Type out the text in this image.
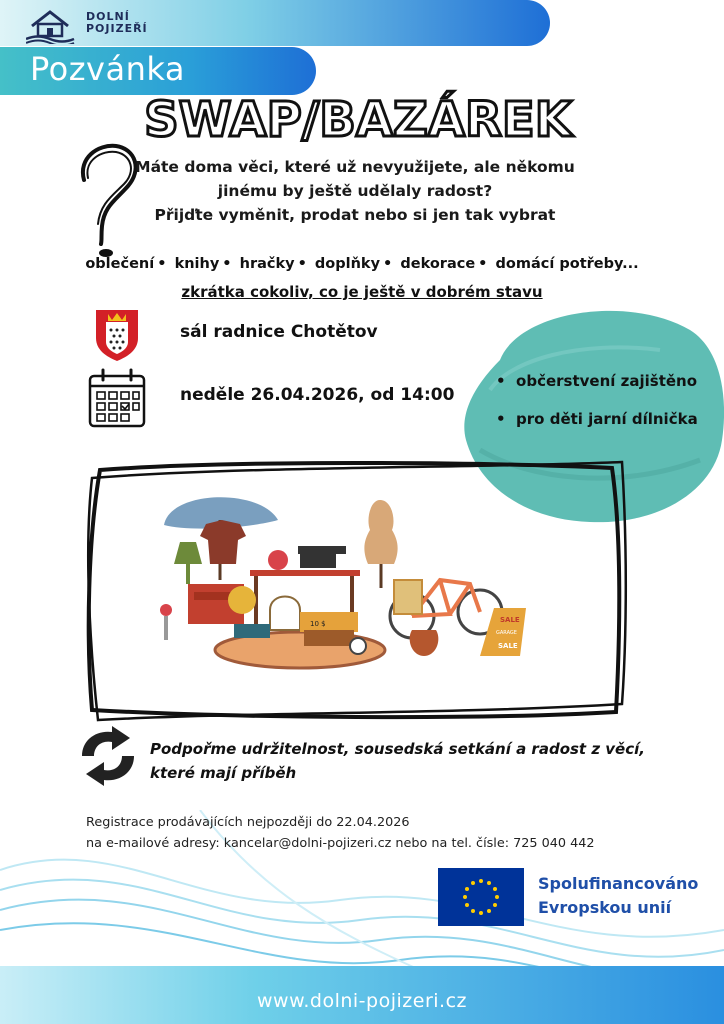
DOLNÍ
POJIZEŘÍ
Pozvánka
SWAP/BAZÁREK
Máte doma věci, které už nevyužijete, ale někomu
jinému by ještě udělaly radost?
Přijďte vyměnit, prodat nebo si jen tak vybrat
oblečení • knihy • hračky • doplňky • dekorace • domácí potřeby...
zkrátka cokoliv, co je ještě v dobrém stavu
sál radnice Chotětov
neděle 26.04.2026, od 14:00
•  občerstvení zajištěno
•  pro děti jarní dílnička
10 $	SALE
GARAGE
SALE
Podpořme udržitelnost, sousedská setkání a radost z věcí,
které mají příběh
Registrace prodávajících nejpozději do 22.04.2026
na e-mailové adresy: kancelar@dolni-pojizeri.cz nebo na tel. čísle: 725 040 442
Spolufinancováno
Evropskou unií
www.dolni-pojizeri.cz
